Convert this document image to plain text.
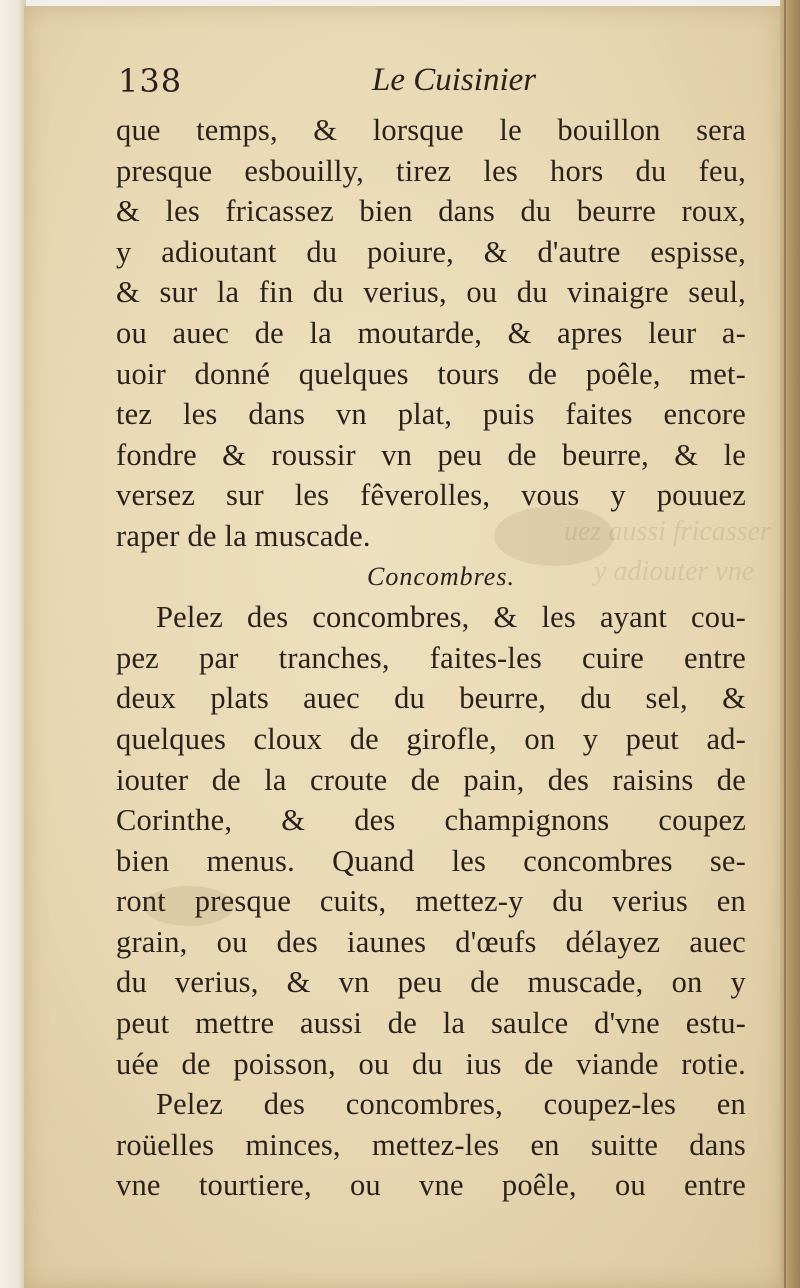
uez aussi fricasser
y adiouter vne
138	Le Cuisinier
que temps, & lorsque le bouillon sera
presque esbouilly, tirez les hors du feu,
& les fricassez bien dans du beurre roux,
y adioutant du poiure, & d'autre espisse,
& sur la fin du verius, ou du vinaigre seul,
ou auec de la moutarde, & apres leur a-
uoir donné quelques tours de poêle, met-
tez les dans vn plat, puis faites encore
fondre & roussir vn peu de beurre, & le
versez sur les fêverolles, vous y pouuez
raper de la muscade.
Concombres.
Pelez des concombres, & les ayant cou-
pez par tranches, faites-les cuire entre
deux plats auec du beurre, du sel, &
quelques cloux de girofle, on y peut ad-
iouter de la croute de pain, des raisins de
Corinthe, & des champignons coupez
bien menus. Quand les concombres se-
ront presque cuits, mettez-y du verius en
grain, ou des iaunes d'œufs délayez auec
du verius, & vn peu de muscade, on y
peut mettre aussi de la saulce d'vne estu-
uée de poisson, ou du ius de viande rotie.
Pelez des concombres, coupez-les en
roüelles minces, mettez-les en suitte dans
vne tourtiere, ou vne poêle, ou entre
